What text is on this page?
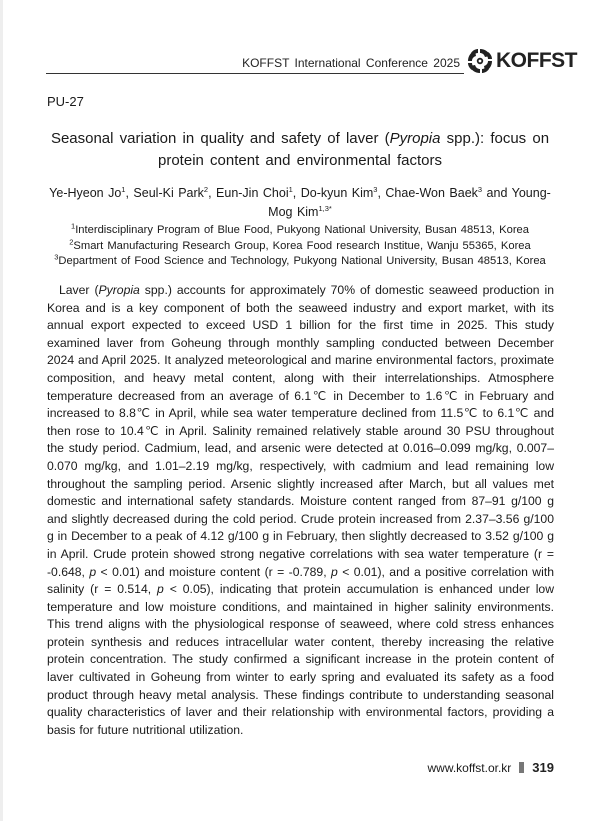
KOFFST International Conference 2025 KOFFST
PU-27
Seasonal variation in quality and safety of laver (Pyropia spp.): focus on protein content and environmental factors
Ye-Hyeon Jo$^1$, Seul-Ki Park$^2$, Eun-Jin Choi$^1$, Do-kyun Kim$^3$, Chae-Won Baek$^3$ and Young-Mog Kim$^{1,3*}$
$^1$Interdisciplinary Program of Blue Food, Pukyong National University, Busan 48513, Korea
$^2$Smart Manufacturing Research Group, Korea Food research Institue, Wanju 55365, Korea
$^3$Department of Food Science and Technology, Pukyong National University, Busan 48513, Korea
Laver (Pyropia spp.) accounts for approximately 70% of domestic seaweed production in Korea and is a key component of both the seaweed industry and export market, with its annual export expected to exceed USD 1 billion for the first time in 2025. This study examined laver from Goheung through monthly sampling conducted between December 2024 and April 2025. It analyzed meteorological and marine environmental factors, proximate composition, and heavy metal content, along with their interrelationships. Atmosphere temperature decreased from an average of 6.1℃ in December to 1.6℃ in February and increased to 8.8℃ in April, while sea water temperature declined from 11.5℃ to 6.1℃ and then rose to 10.4℃ in April. Salinity remained relatively stable around 30 PSU throughout the study period. Cadmium, lead, and arsenic were detected at 0.016–0.099 mg/kg, 0.007–0.070 mg/kg, and 1.01–2.19 mg/kg, respectively, with cadmium and lead remaining low throughout the sampling period. Arsenic slightly increased after March, but all values met domestic and international safety standards. Moisture content ranged from 87–91 g/100 g and slightly decreased during the cold period. Crude protein increased from 2.37–3.56 g/100 g in December to a peak of 4.12 g/100 g in February, then slightly decreased to 3.52 g/100 g in April. Crude protein showed strong negative correlations with sea water temperature (r = -0.648, p < 0.01) and moisture content (r = -0.789, p < 0.01), and a positive correlation with salinity (r = 0.514, p < 0.05), indicating that protein accumulation is enhanced under low temperature and low moisture conditions, and maintained in higher salinity environments. This trend aligns with the physiological response of seaweed, where cold stress enhances protein synthesis and reduces intracellular water content, thereby increasing the relative protein concentration. The study confirmed a significant increase in the protein content of laver cultivated in Goheung from winter to early spring and evaluated its safety as a food product through heavy metal analysis. These findings contribute to understanding seasonal quality characteristics of laver and their relationship with environmental factors, providing a basis for future nutritional utilization.
www.koffst.or.kr 319
